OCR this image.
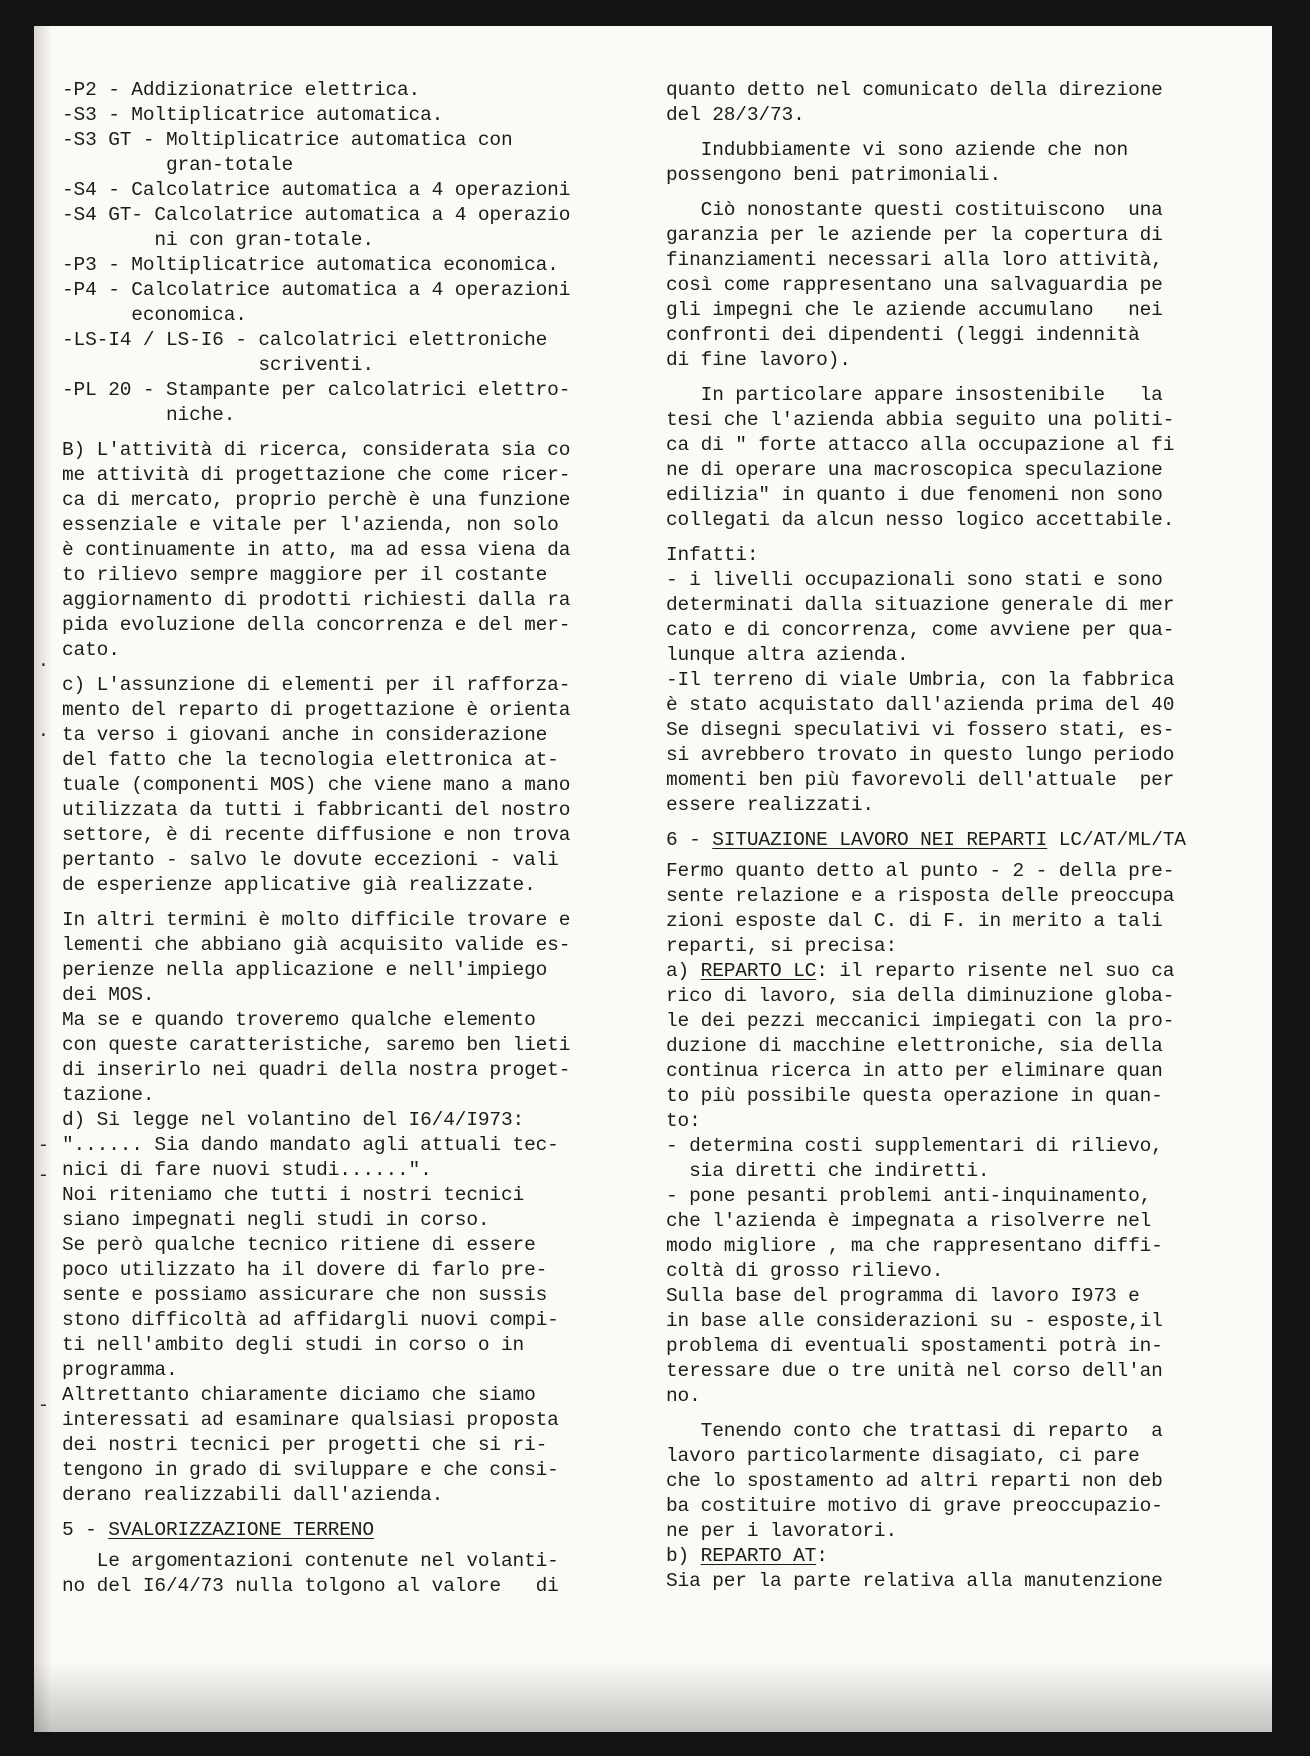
·
·
-
-
-

-P2 - Addizionatrice elettrica.

-S3 - Moltiplicatrice automatica.

-S3 GT - Moltiplicatrice automatica con

gran-totale

-S4 - Calcolatrice automatica a 4 operazioni

-S4 GT- Calcolatrice automatica a 4 operazio

ni con gran-totale.

-P3 - Moltiplicatrice automatica economica.

-P4 - Calcolatrice automatica a 4 operazioni

economica.

-LS-I4 / LS-I6 - calcolatrici elettroniche

scriventi.

-PL 20 - Stampante per calcolatrici elettro-

niche.

B) L'attività di ricerca, considerata sia co

me attività di progettazione che come ricer-

ca di mercato, proprio perchè è una funzione

essenziale e vitale per l'azienda, non solo

è continuamente in atto, ma ad essa viena da

to rilievo sempre maggiore per il costante

aggiornamento di prodotti richiesti dalla ra

pida evoluzione della concorrenza e del mer-

cato.

c) L'assunzione di elementi per il rafforza-

mento del reparto di progettazione è orienta

ta verso i giovani anche in considerazione

del fatto che la tecnologia elettronica at-

tuale (componenti MOS) che viene mano a mano

utilizzata da tutti i fabbricanti del nostro

settore, è di recente diffusione e non trova

pertanto - salvo le dovute eccezioni - vali

de esperienze applicative già realizzate.

In altri termini è molto difficile trovare e

lementi che abbiano già acquisito valide es-

perienze nella applicazione e nell'impiego

dei MOS.

Ma se e quando troveremo qualche elemento

con queste caratteristiche, saremo ben lieti

di inserirlo nei quadri della nostra proget-

tazione.

d) Si legge nel volantino del I6/4/I973:

"...... Sia dando mandato agli attuali tec-

nici di fare nuovi studi......".

Noi riteniamo che tutti i nostri tecnici

siano impegnati negli studi in corso.

Se però qualche tecnico ritiene di essere

poco utilizzato ha il dovere di farlo pre-

sente e possiamo assicurare che non sussis

stono difficoltà ad affidargli nuovi compi-

ti nell'ambito degli studi in corso o in

programma.

Altrettanto chiaramente diciamo che siamo

interessati ad esaminare qualsiasi proposta

dei nostri tecnici per progetti che si ri-

tengono in grado di sviluppare e che consi-

derano realizzabili dall'azienda.

5 - SVALORIZZAZIONE TERRENO

Le argomentazioni contenute nel volanti-

no del I6/4/73 nulla tolgono al valore   di

quanto detto nel comunicato della direzione

del 28/3/73.

Indubbiamente vi sono aziende che non

possengono beni patrimoniali.

Ciò nonostante questi costituiscono  una

garanzia per le aziende per la copertura di

finanziamenti necessari alla loro attività,

così come rappresentano una salvaguardia pe

gli impegni che le aziende accumulano   nei

confronti dei dipendenti (leggi indennità

di fine lavoro).

In particolare appare insostenibile   la

tesi che l'azienda abbia seguito una politi-

ca di " forte attacco alla occupazione al fi

ne di operare una macroscopica speculazione

edilizia" in quanto i due fenomeni non sono

collegati da alcun nesso logico accettabile.

Infatti:

- i livelli occupazionali sono stati e sono

determinati dalla situazione generale di mer

cato e di concorrenza, come avviene per qua-

lunque altra azienda.

-Il terreno di viale Umbria, con la fabbrica

è stato acquistato dall'azienda prima del 40

Se disegni speculativi vi fossero stati, es-

si avrebbero trovato in questo lungo periodo

momenti ben più favorevoli dell'attuale  per

essere realizzati.

6 - SITUAZIONE LAVORO NEI REPARTI LC/AT/ML/TA

Fermo quanto detto al punto - 2 - della pre-

sente relazione e a risposta delle preoccupa

zioni esposte dal C. di F. in merito a tali

reparti, si precisa:

a) REPARTO LC: il reparto risente nel suo ca

rico di lavoro, sia della diminuzione globa-

le dei pezzi meccanici impiegati con la pro-

duzione di macchine elettroniche, sia della

continua ricerca in atto per eliminare quan

to più possibile questa operazione in quan-

to:

- determina costi supplementari di rilievo,

sia diretti che indiretti.

- pone pesanti problemi anti-inquinamento,

che l'azienda è impegnata a risolverre nel

modo migliore , ma che rappresentano diffi-

coltà di grosso rilievo.

Sulla base del programma di lavoro I973 e

in base alle considerazioni su - esposte,il

problema di eventuali spostamenti potrà in-

teressare due o tre unità nel corso dell'an

no.

Tenendo conto che trattasi di reparto  a

lavoro particolarmente disagiato, ci pare

che lo spostamento ad altri reparti non deb

ba costituire motivo di grave preoccupazio-

ne per i lavoratori.

b) REPARTO AT:

Sia per la parte relativa alla manutenzione
